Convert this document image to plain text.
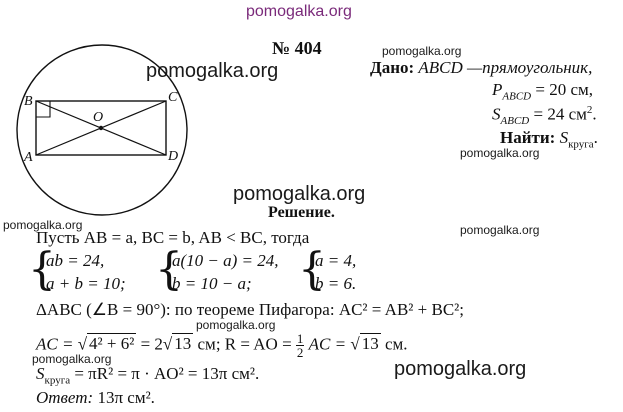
pomogalka.org
pomogalka.org
pomogalka.org
pomogalka.org
pomogalka.org
pomogalka.org	pomogalka.org
pomogalka.org
pomogalka.org	pomogalka.org
№ 404
B	C
A	D
O
Дано: ABCD —прямоугольник,
$P_{ABCD} = 20$ см,
$S_{ABCD} = 24$ $см^2$.
Найти: $S_{круга}$.
Решение.
Пусть AB = a, BC = b, AB < BC, тогда
{
ab = 24,
a + b = 10; {
a(10 − a) = 24,
b = 10 − a; {
a = 4,
b = 6.
ΔABC (∠B = 90°): по теореме Пифагора: AC² = AB² + BC²;
AC = √ 4² + 6² = 2√ 13 см; R = AO = $\frac{1}{2}$ AC = √ 13 см.
$S_{круга} = \pi R^2 = \pi \cdot AO^2 = 13\pi$ см².
Ответ: 13π см².
